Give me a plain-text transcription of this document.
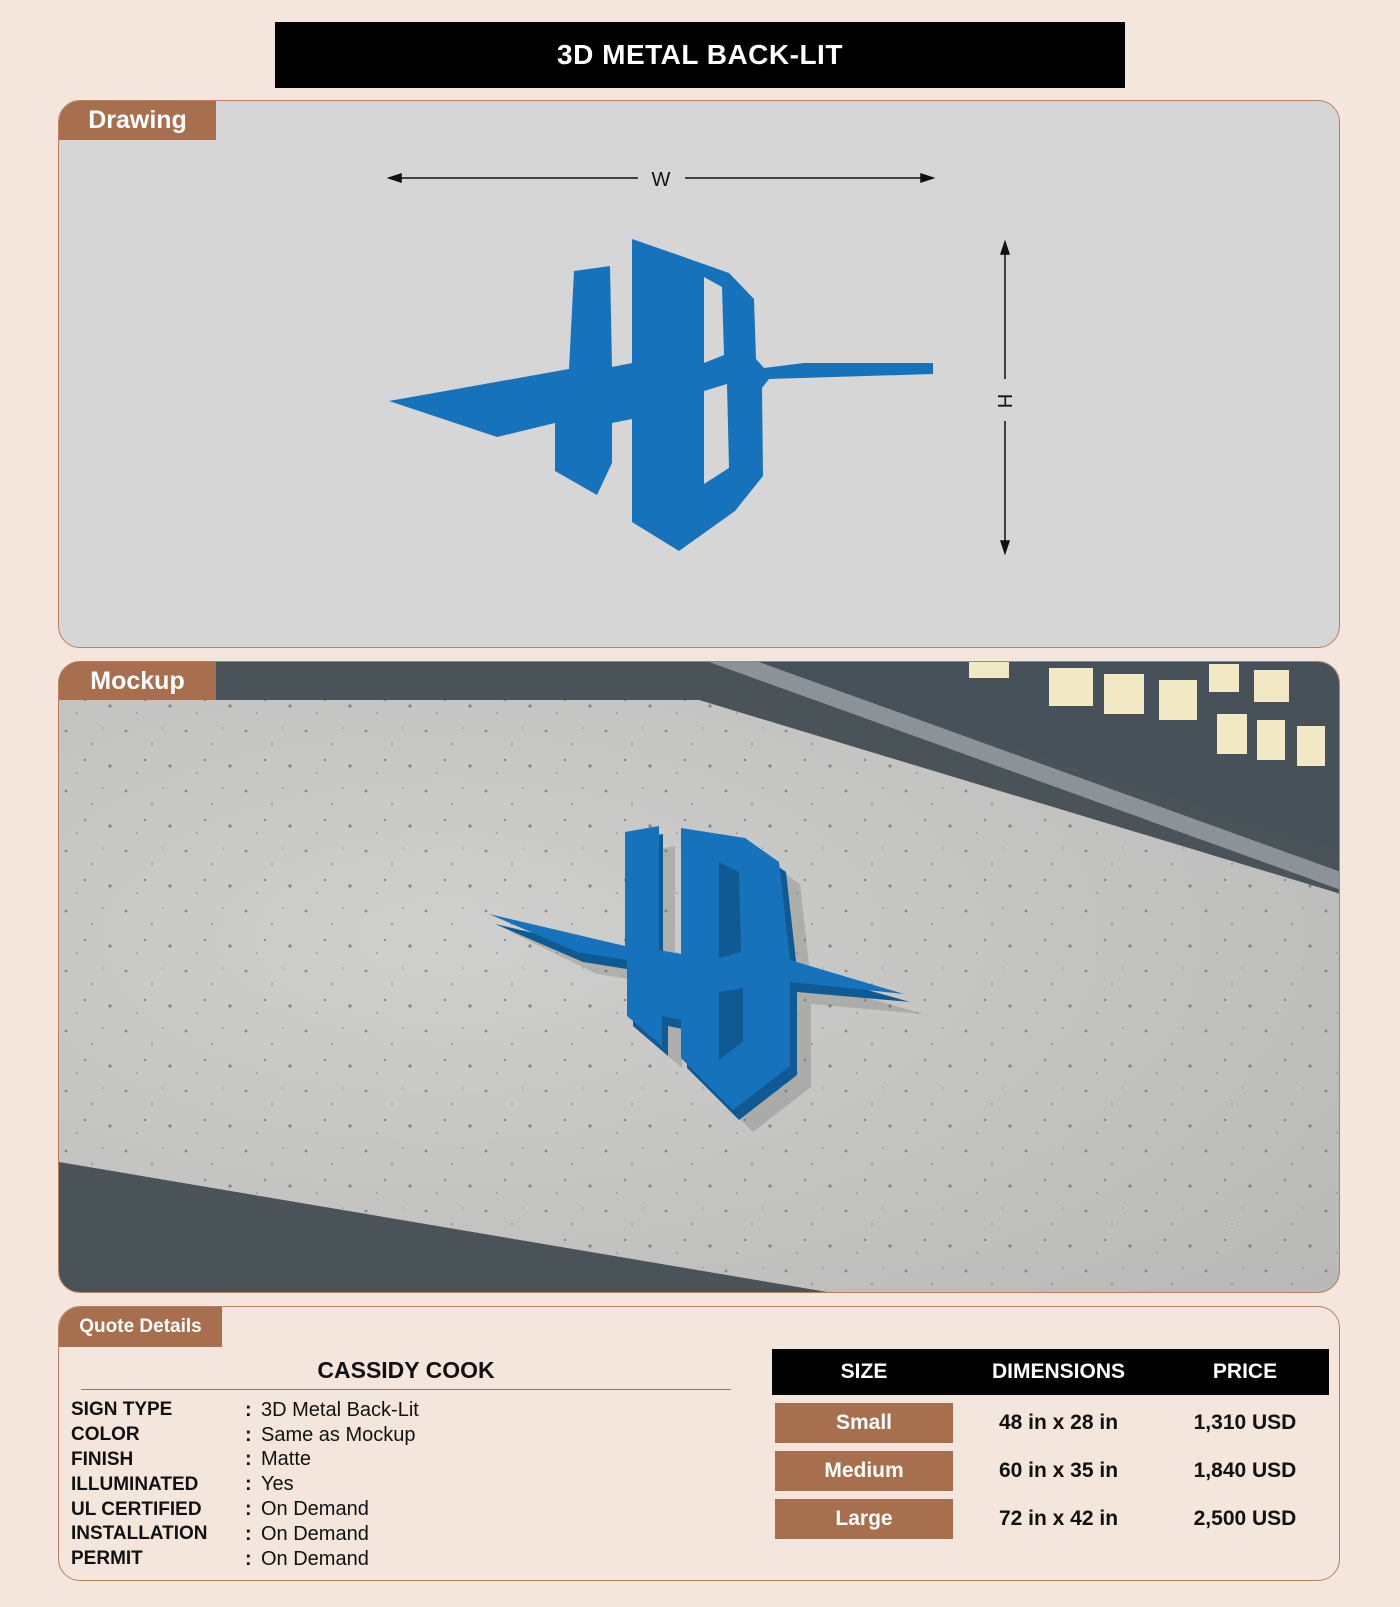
3D METAL BACK-LIT
Drawing
W
H
Mockup
Quote Details
CASSIDY COOK
SIGN TYPE	: 3D Metal Back-Lit
COLOR	: Same as Mockup
FINISH	: Matte
ILLUMINATED	: Yes
UL CERTIFIED	: On Demand
INSTALLATION	: On Demand
PERMIT	: On Demand
SIZE	DIMENSIONS	PRICE
Small	48 in x 28 in	1,310 USD
Medium	60 in x 35 in	1,840 USD
Large	72 in x 42 in	2,500 USD
